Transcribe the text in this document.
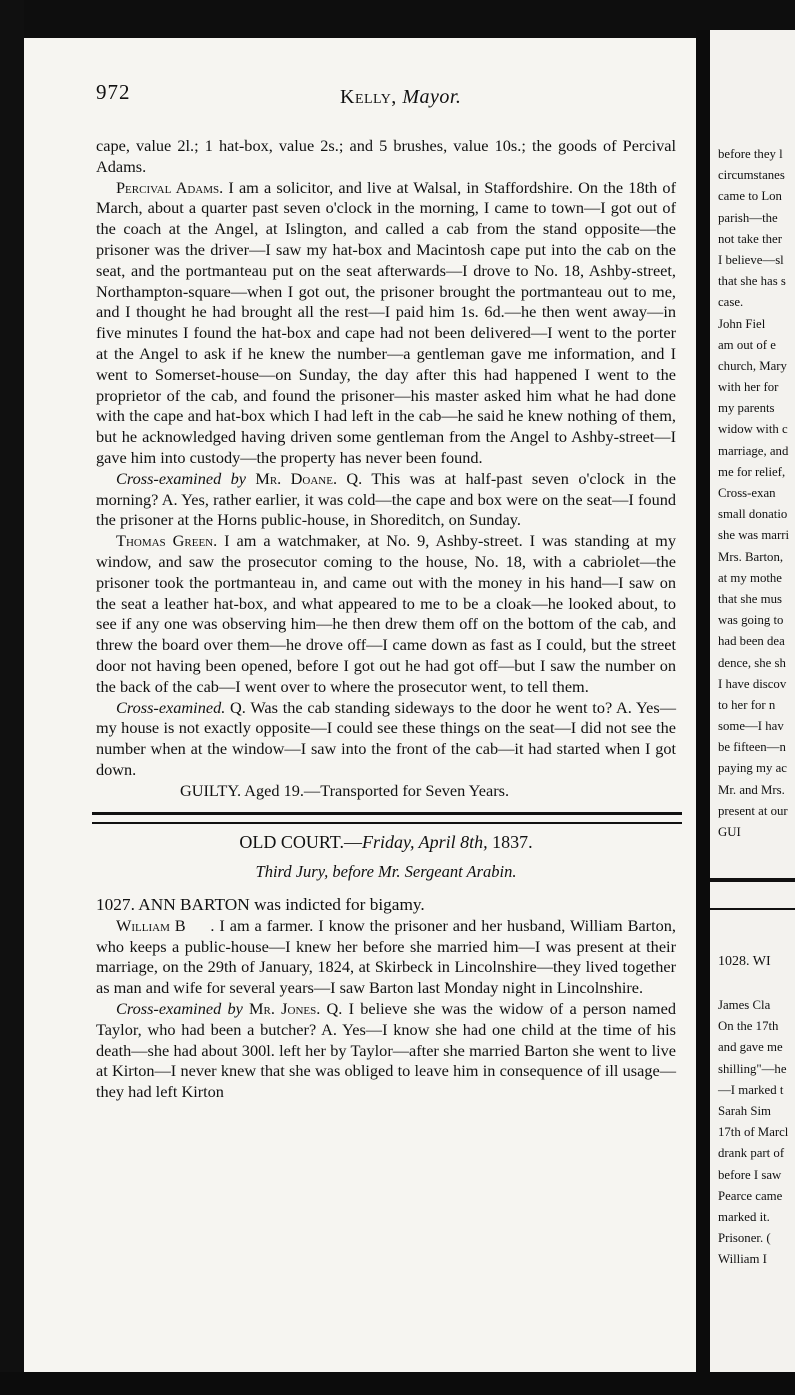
972	Kelly, Mayor.

cape, value 2l.; 1 hat-box, value 2s.; and 5 brushes, value 10s.; the goods of Percival Adams.

Percival Adams. I am a solicitor, and live at Walsal, in Staffordshire. On the 18th of March, about a quarter past seven o'clock in the morning, I came to town—I got out of the coach at the Angel, at Islington, and called a cab from the stand opposite—the prisoner was the driver—I saw my hat-box and Macintosh cape put into the cab on the seat, and the portmanteau put on the seat afterwards—I drove to No. 18, Ashby-street, Northampton-square—when I got out, the prisoner brought the portmanteau out to me, and I thought he had brought all the rest—I paid him 1s. 6d.—he then went away—in five minutes I found the hat-box and cape had not been delivered—I went to the porter at the Angel to ask if he knew the number—a gentleman gave me information, and I went to Somerset-house—on Sunday, the day after this had happened I went to the proprietor of the cab, and found the prisoner—his master asked him what he had done with the cape and hat-box which I had left in the cab—he said he knew nothing of them, but he acknowledged having driven some gentleman from the Angel to Ashby-street—I gave him into custody—the property has never been found.

Cross-examined by Mr. Doane. Q. This was at half-past seven o'clock in the morning? A. Yes, rather earlier, it was cold—the cape and box were on the seat—I found the prisoner at the Horns public-house, in Shoreditch, on Sunday.

Thomas Green. I am a watchmaker, at No. 9, Ashby-street. I was standing at my window, and saw the prosecutor coming to the house, No. 18, with a cabriolet—the prisoner took the portmanteau in, and came out with the money in his hand—I saw on the seat a leather hat-box, and what appeared to me to be a cloak—he looked about, to see if any one was observing him—he then drew them off on the bottom of the cab, and threw the board over them—he drove off—I came down as fast as I could, but the street door not having been opened, before I got out he had got off—but I saw the number on the back of the cab—I went over to where the prosecutor went, to tell them.

Cross-examined. Q. Was the cab standing sideways to the door he went to? A. Yes—my house is not exactly opposite—I could see these things on the seat—I did not see the number when at the window—I saw into the front of the cab—it had started when I got down.

GUILTY. Aged 19.—Transported for Seven Years.

OLD COURT.—Friday, April 8th, 1837.
Third Jury, before Mr. Sergeant Arabin.

1027. ANN BARTON was indicted for bigamy.

William B     . I am a farmer. I know the prisoner and her husband, William Barton, who keeps a public-house—I knew her before she married him—I was present at their marriage, on the 29th of January, 1824, at Skirbeck in Lincolnshire—they lived together as man and wife for several years—I saw Barton last Monday night in Lincolnshire.

Cross-examined by Mr. Jones. Q. I believe she was the widow of a person named Taylor, who had been a butcher? A. Yes—I know she had one child at the time of his death—she had about 300l. left her by Taylor—after she married Barton she went to live at Kirton—I never knew that she was obliged to leave him in consequence of ill usage—they had left Kirton

before they l
circumstanes
came to Lon
parish—the
not take ther
I believe—sl
that she has s
case.
John Fiel
am out of e
church, Mary
with her for
my parents
widow with c
marriage, and
me for relief,
Cross-exan
small donatio
she was marri
Mrs. Barton,
at my mothe
that she mus
was going to
had been dea
dence, she sh
I have discov
to her for n
some—I hav
be fifteen—n
paying my ac
Mr. and Mrs.
present at our
GUI
1028. WI
James Cla
On the 17th
and gave me
shilling"—he
—I marked t
Sarah Sim
17th of Marcl
drank part of
before I saw
Pearce came
marked it.
Prisoner. (
William I
